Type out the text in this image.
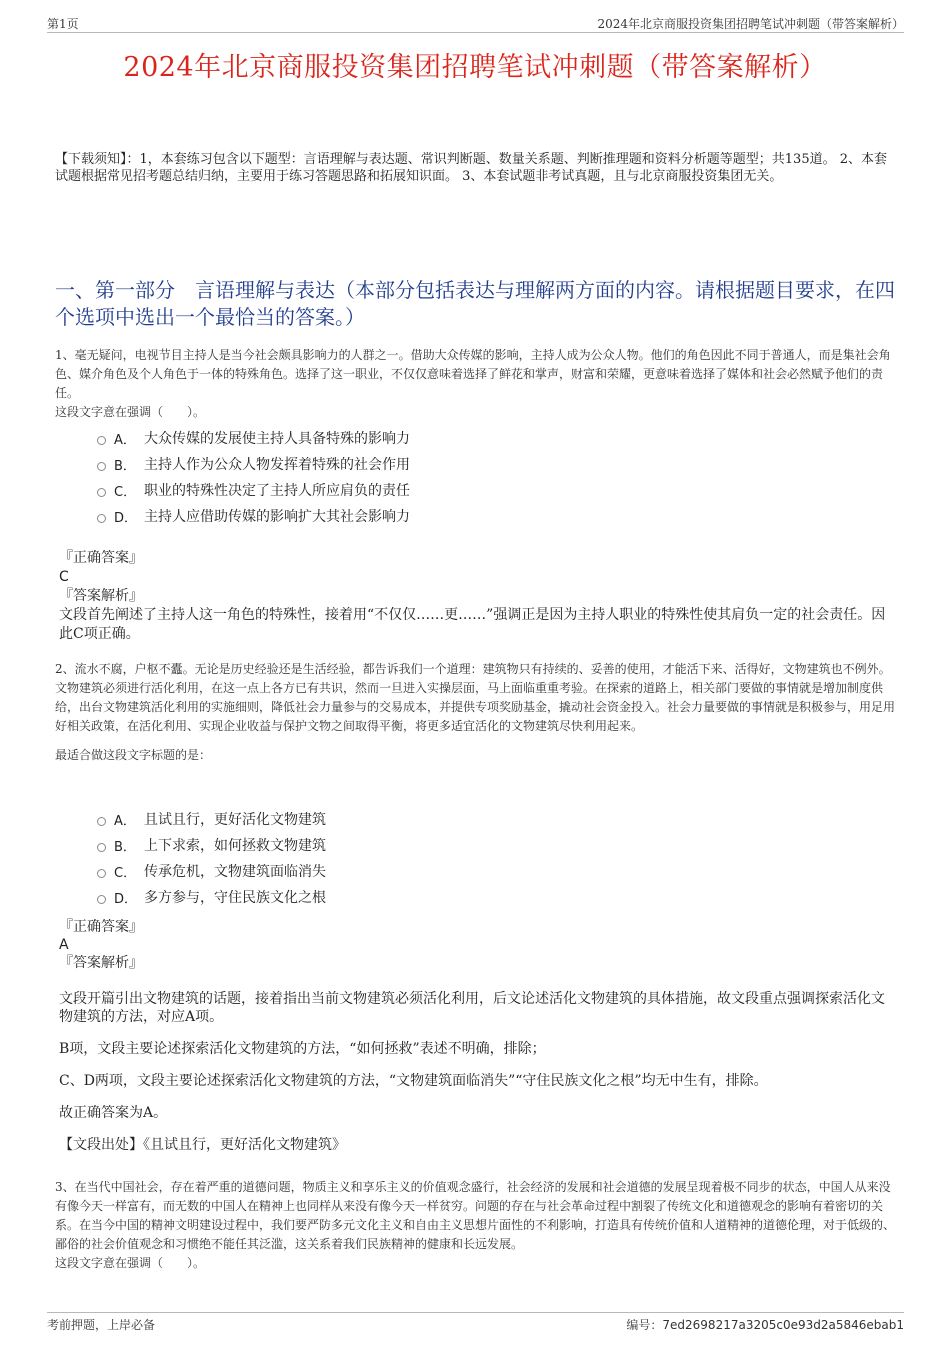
第1页	2024年北京商服投资集团招聘笔试冲刺题（带答案解析）
2024年北京商服投资集团招聘笔试冲刺题（带答案解析）
【下载须知】：1，本套练习包含以下题型：言语理解与表达题、常识判断题、数量关系题、判断推理题和资料分析题等题型；共135道。 2、本套试题根据常见招考题总结归纳，主要用于练习答题思路和拓展知识面。 3、本套试题非考试真题，且与北京商服投资集团无关。
一、第一部分　言语理解与表达（本部分包括表达与理解两方面的内容。请根据题目要求，在四个选项中选出一个最恰当的答案。）
1、毫无疑问，电视节目主持人是当今社会颇具影响力的人群之一。借助大众传媒的影响，主持人成为公众人物。他们的角色因此不同于普通人，而是集社会角色、媒介角色及个人角色于一体的特殊角色。选择了这一职业，不仅仅意味着选择了鲜花和掌声，财富和荣耀，更意味着选择了媒体和社会必然赋予他们的责任。
这段文字意在强调（　　）。
A． 大众传媒的发展使主持人具备特殊的影响力
B． 主持人作为公众人物发挥着特殊的社会作用
C． 职业的特殊性决定了主持人所应肩负的责任
D． 主持人应借助传媒的影响扩大其社会影响力
『正确答案』
C
『答案解析』
文段首先阐述了主持人这一角色的特殊性，接着用“不仅仅……更……”强调正是因为主持人职业的特殊性使其肩负一定的社会责任。因此C项正确。
2、流水不腐，户枢不蠹。无论是历史经验还是生活经验，都告诉我们一个道理：建筑物只有持续的、妥善的使用，才能活下来、活得好，文物建筑也不例外。文物建筑必须进行活化利用，在这一点上各方已有共识，然而一旦进入实操层面，马上面临重重考验。在探索的道路上，相关部门要做的事情就是增加制度供给，出台文物建筑活化利用的实施细则，降低社会力量参与的交易成本，并提供专项奖励基金，撬动社会资金投入。社会力量要做的事情就是积极参与，用足用好相关政策，在活化利用、实现企业收益与保护文物之间取得平衡，将更多适宜活化的文物建筑尽快利用起来。
最适合做这段文字标题的是：
A． 且试且行，更好活化文物建筑
B． 上下求索，如何拯救文物建筑
C． 传承危机，文物建筑面临消失
D． 多方参与，守住民族文化之根
『正确答案』
A
『答案解析』
文段开篇引出文物建筑的话题，接着指出当前文物建筑必须活化利用，后文论述活化文物建筑的具体措施，故文段重点强调探索活化文物建筑的方法，对应A项。
B项，文段主要论述探索活化文物建筑的方法，“如何拯救”表述不明确，排除；
C、D两项，文段主要论述探索活化文物建筑的方法，“文物建筑面临消失”“守住民族文化之根”均无中生有，排除。
故正确答案为A。
【文段出处】《且试且行，更好活化文物建筑》
3、在当代中国社会，存在着严重的道德问题，物质主义和享乐主义的价值观念盛行，社会经济的发展和社会道德的发展呈现着极不同步的状态，中国人从来没有像今天一样富有，而无数的中国人在精神上也同样从来没有像今天一样贫穷。问题的存在与社会革命过程中割裂了传统文化和道德观念的影响有着密切的关系。在当今中国的精神文明建设过程中，我们要严防多元文化主义和自由主义思想片面性的不利影响，打造具有传统价值和人道精神的道德伦理，对于低级的、鄙俗的社会价值观念和习惯绝不能任其泛滥，这关系着我们民族精神的健康和长远发展。
这段文字意在强调（　　）。
考前押题，上岸必备	编号：7ed2698217a3205c0e93d2a5846ebab1
